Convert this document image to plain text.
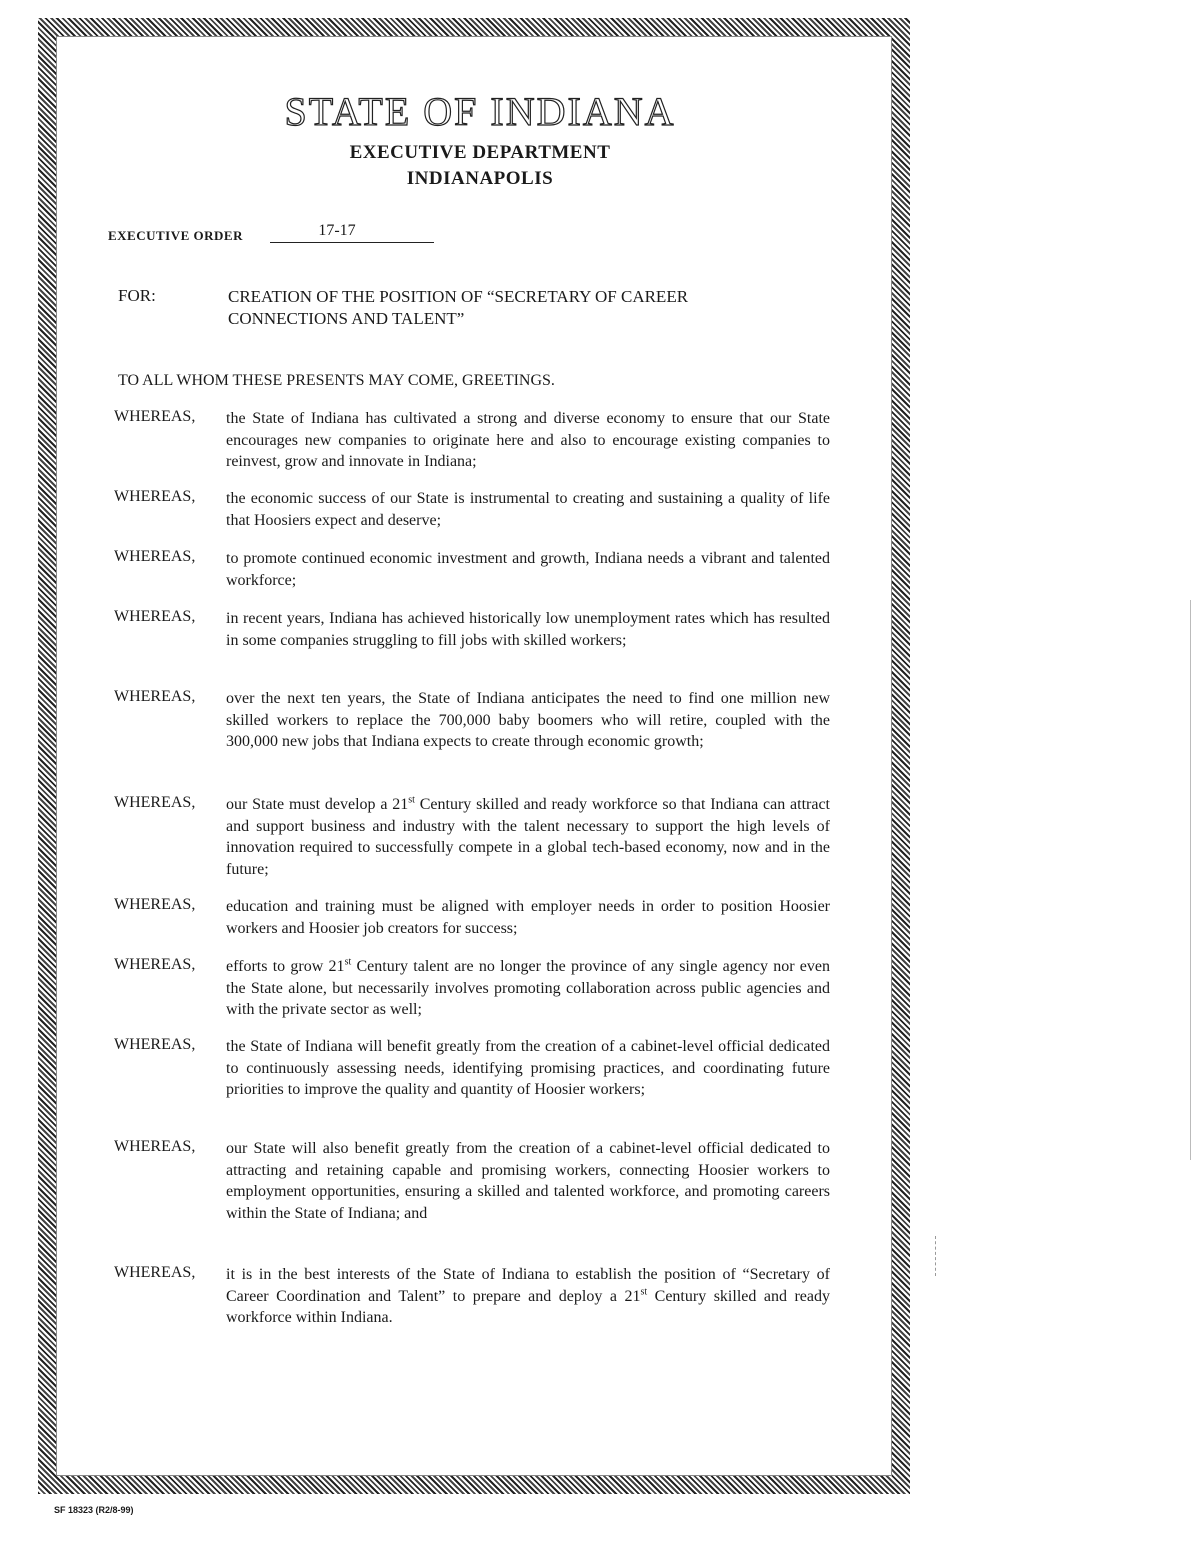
STATE OF INDIANA

EXECUTIVE DEPARTMENT

INDIANAPOLIS

EXECUTIVE ORDER	17-17
FOR:	CREATION OF THE POSITION OF “SECRETARY OF CAREER
CONNECTIONS AND TALENT”
TO ALL WHOM THESE PRESENTS MAY COME, GREETINGS.
WHEREAS, the State of Indiana has cultivated a strong and diverse economy to ensure that our State encourages new companies to originate here and also to encourage existing companies to reinvest, grow and innovate in Indiana;
WHEREAS, the economic success of our State is instrumental to creating and sustaining a quality of life that Hoosiers expect and deserve;
WHEREAS, to promote continued economic investment and growth, Indiana needs a vibrant and talented workforce;
WHEREAS, in recent years, Indiana has achieved historically low unemployment rates which has resulted in some companies struggling to fill jobs with skilled workers;
WHEREAS, over the next ten years, the State of Indiana anticipates the need to find one million new skilled workers to replace the 700,000 baby boomers who will retire, coupled with the 300,000 new jobs that Indiana expects to create through economic growth;
WHEREAS, our State must develop a 21st Century skilled and ready workforce so that Indiana can attract and support business and industry with the talent necessary to support the high levels of innovation required to successfully compete in a global tech-based economy, now and in the future;
WHEREAS, education and training must be aligned with employer needs in order to position Hoosier workers and Hoosier job creators for success;
WHEREAS, efforts to grow 21st Century talent are no longer the province of any single agency nor even the State alone, but necessarily involves promoting collaboration across public agencies and with the private sector as well;
WHEREAS, the State of Indiana will benefit greatly from the creation of a cabinet-level official dedicated to continuously assessing needs, identifying promising practices, and coordinating future priorities to improve the quality and quantity of Hoosier workers;
WHEREAS, our State will also benefit greatly from the creation of a cabinet-level official dedicated to attracting and retaining capable and promising workers, connecting Hoosier workers to employment opportunities, ensuring a skilled and talented workforce, and promoting careers within the State of Indiana; and
WHEREAS, it is in the best interests of the State of Indiana to establish the position of “Secretary of Career Coordination and Talent” to prepare and deploy a 21st Century skilled and ready workforce within Indiana.
SF 18323 (R2/8-99)
